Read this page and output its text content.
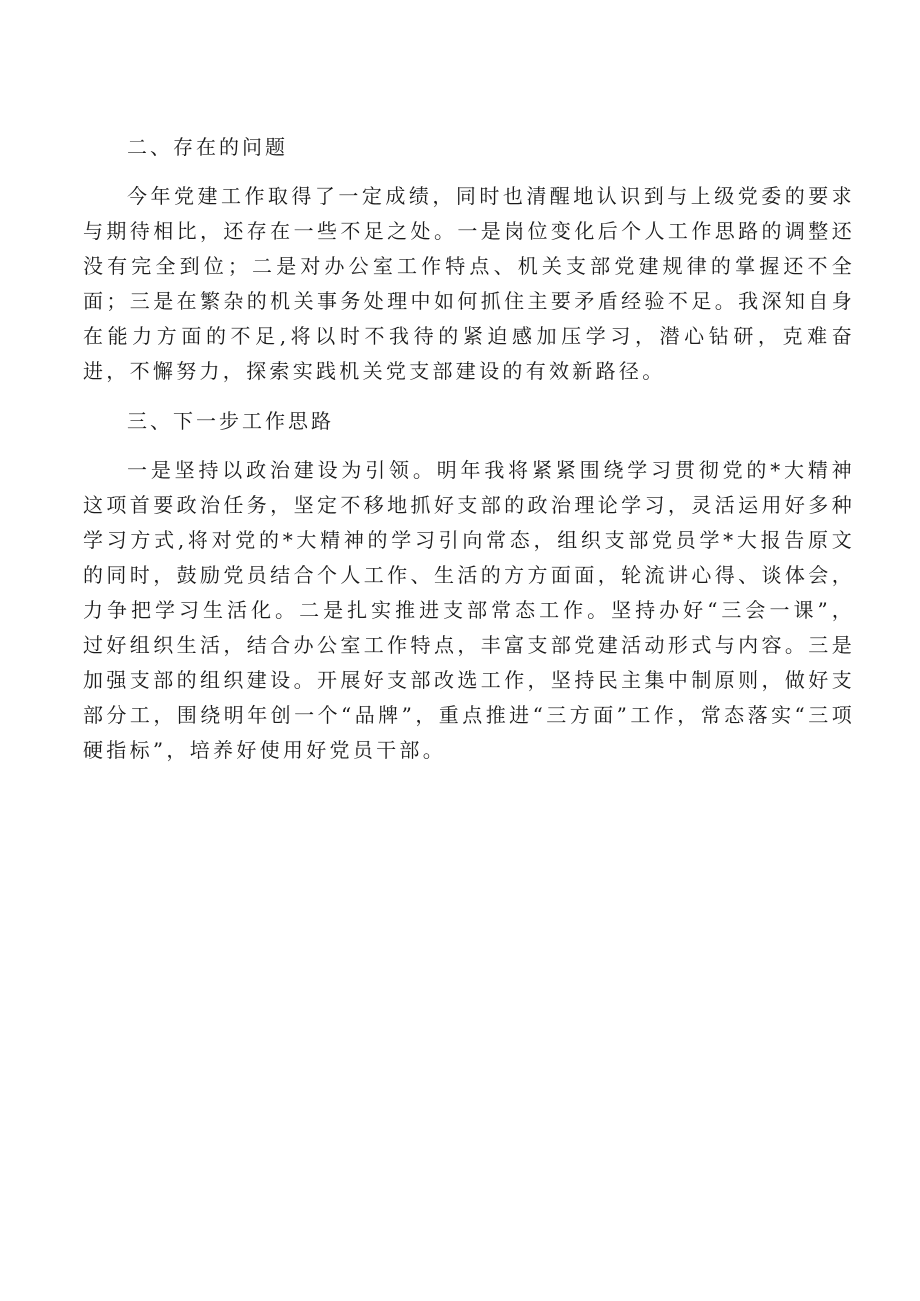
二、存在的问题

今年党建工作取得了一定成绩，同时也清醒地认识到与上级党委的要求与期待相比，还存在一些不足之处。一是岗位变化后个人工作思路的调整还没有完全到位；二是对办公室工作特点、机关支部党建规律的掌握还不全面；三是在繁杂的机关事务处理中如何抓住主要矛盾经验不足。我深知自身在能力方面的不足,将以时不我待的紧迫感加压学习，潜心钻研，克难奋进，不懈努力，探索实践机关党支部建设的有效新路径。

三、下一步工作思路

一是坚持以政治建设为引领。明年我将紧紧围绕学习贯彻党的*大精神这项首要政治任务，坚定不移地抓好支部的政治理论学习，灵活运用好多种学习方式,将对党的*大精神的学习引向常态，组织支部党员学*大报告原文的同时，鼓励党员结合个人工作、生活的方方面面，轮流讲心得、谈体会，力争把学习生活化。二是扎实推进支部常态工作。坚持办好“三会一课”，过好组织生活，结合办公室工作特点，丰富支部党建活动形式与内容。三是加强支部的组织建设。开展好支部改选工作，坚持民主集中制原则，做好支部分工，围绕明年创一个“品牌”，重点推进“三方面”工作，常态落实“三项硬指标”，培养好使用好党员干部。
